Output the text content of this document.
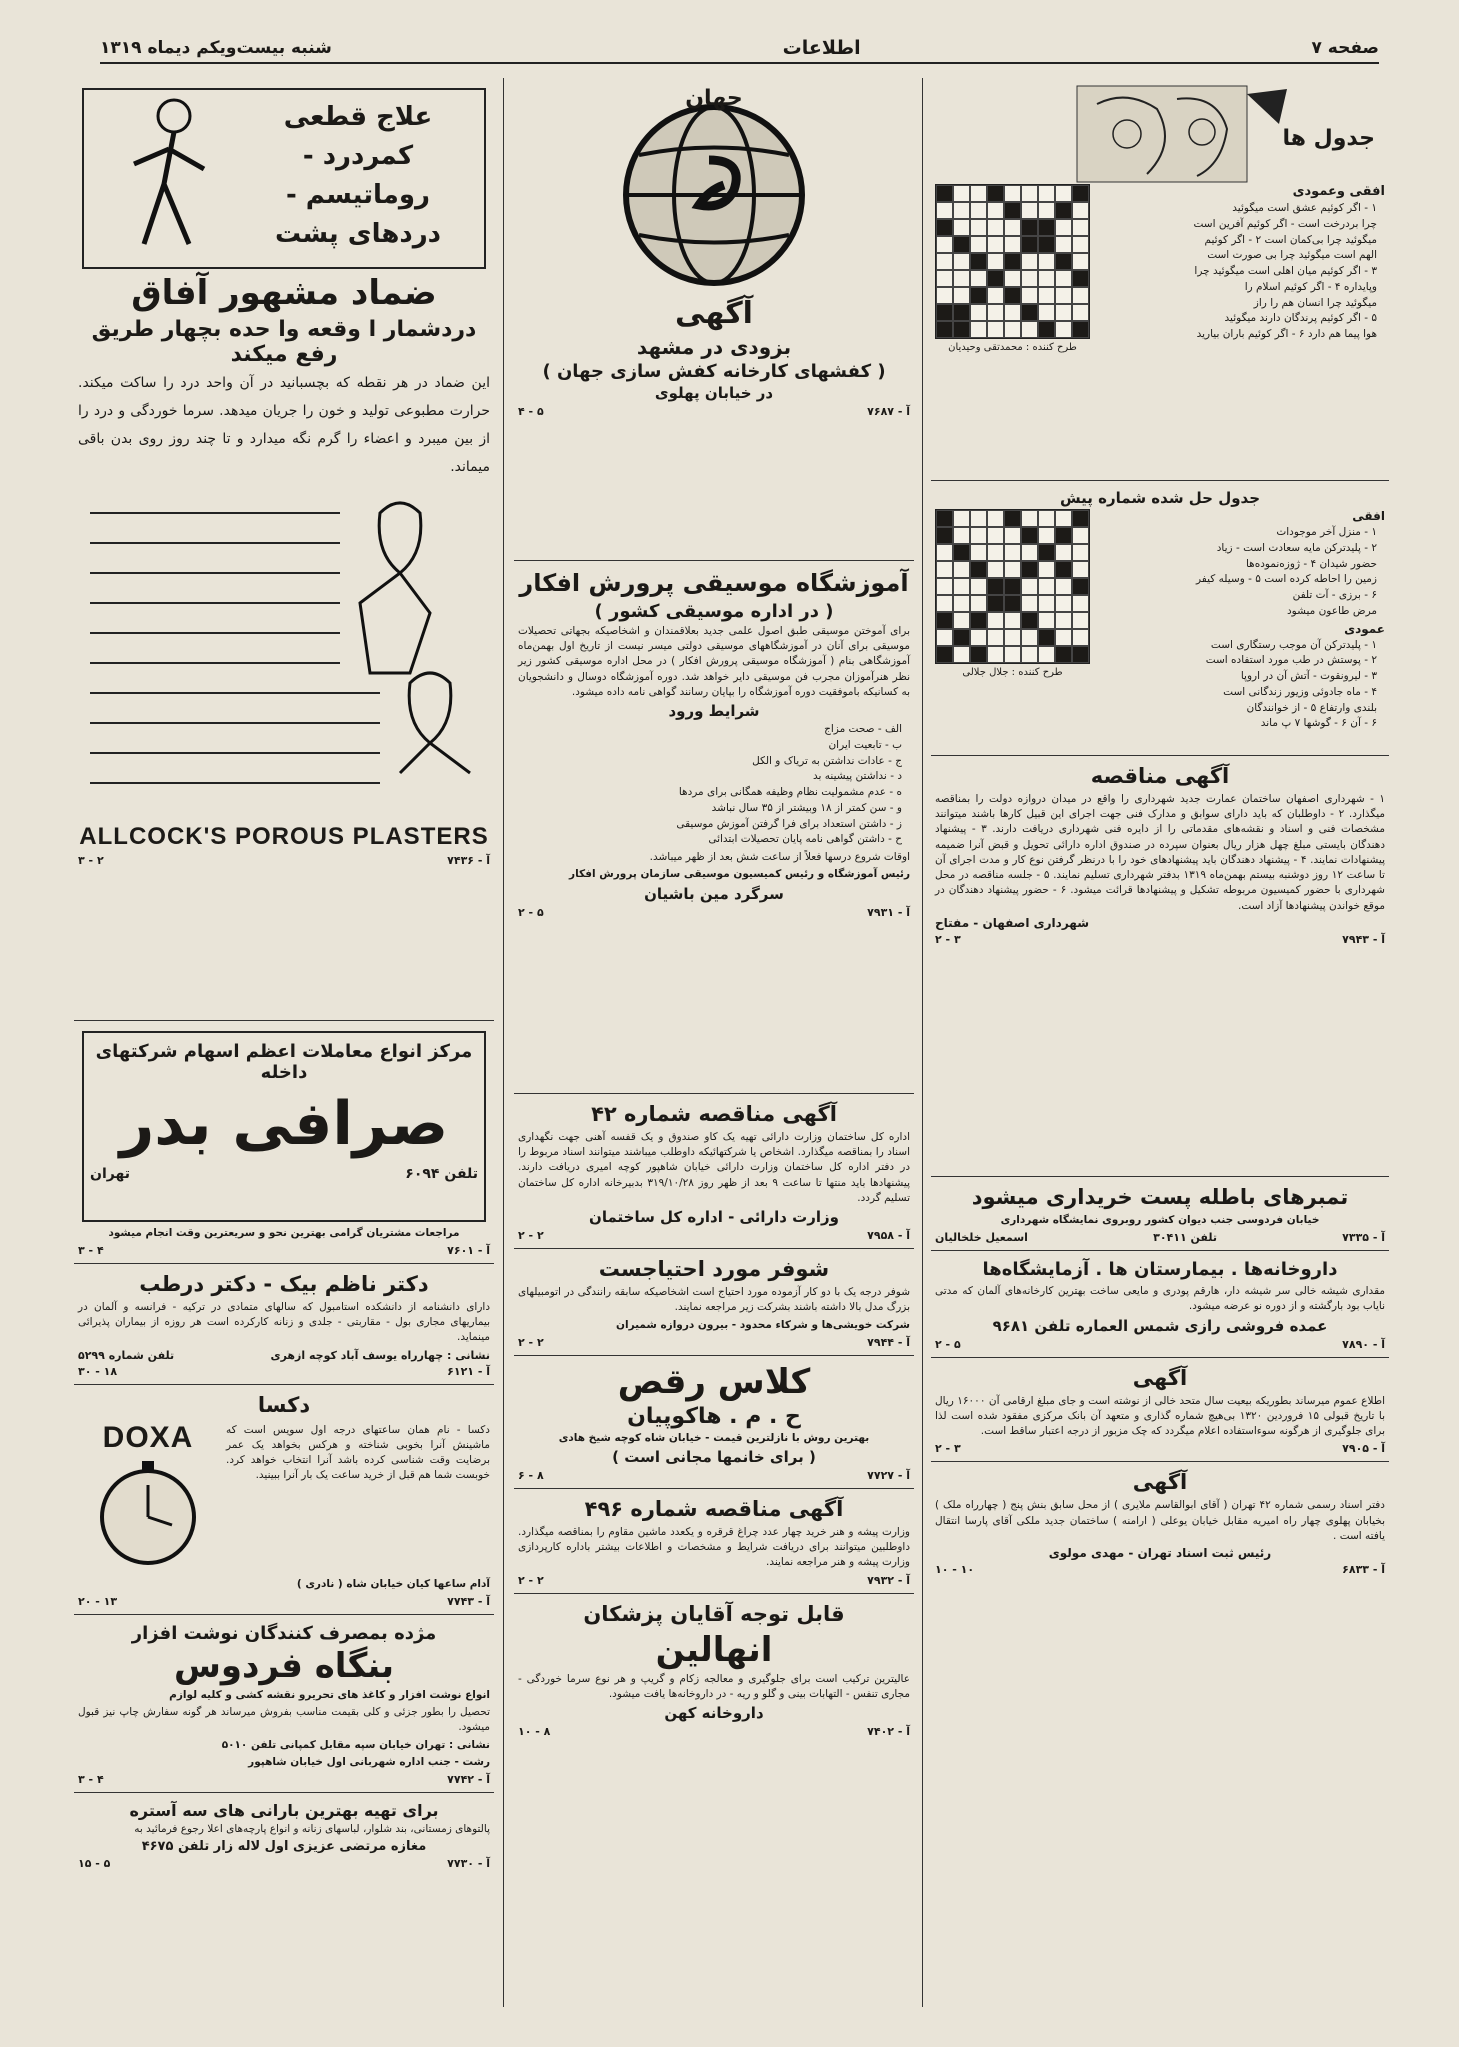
صفحه ۷
اطلاعات
شنبه بیست‌ویکم دیماه ۱۳۱۹
جدول ها
افقی وعمودی
۱ - اگر کوئیم عشق است میگوئید
چرا بردرخت است - اگر کوئیم آفرین است
میگوئید چرا بی‌کمان است ۲ - اگر کوئیم
الهم است میگوئید چرا بی صورت است
۳ - اگر کوئیم میان اهلی است میگوئید چرا
وپایداره ۴ - اگر کوئیم اسلام را
میگوئید چرا انسان هم را راز
۵ - اگر کوئیم پرندگان دارند میگوئید
هوا پیما هم دارد ۶ - اگر کوئیم باران بیارید
طرح کننده : محمدتقی وحیدیان
جدول حل شده شماره پیش
افقی
۱ - منزل آخر موجودات
۲ - پلیدترکن مایه سعادت است - زیاد
حضور شیدان ۴ - ژوزه‌نموده‌ها
زمین را احاطه کرده است ۵ - وسیله کیفر
۶ - برزی - آت تلفن
مرض طاعون میشود
عمودی
۱ - پلیدترکن آن موجب رستگاری است
۲ - پوستش در طب مورد استفاده است
۳ - لیرونقوت - آتش آن در اروپا
۴ - ماه جادوئی وزیور زندگانی است
بلندی وارتفاع ۵ - از خوانندگان
۶ - آن ۶ - گوشها ۷ پ ماند
طرح کننده : جلال جلالی
آگهی مناقصه
۱ - شهرداری اصفهان ساختمان عمارت جدید شهرداری را واقع در میدان دروازه دولت را بمناقصه میگذارد. ۲ - داوطلبان که باید دارای سوابق و مدارک فنی جهت اجرای این قبیل کارها باشند میتوانند مشخصات فنی و اسناد و نقشه‌های مقدماتی را از دایره فنی شهرداری دریافت دارند. ۳ - پیشنهاد دهندگان بایستی مبلغ چهل هزار ریال بعنوان سپرده در صندوق اداره دارائی تحویل و قبض آنرا ضمیمه پیشنهادات نمایند. ۴ - پیشنهاد دهندگان باید پیشنهادهای خود را با درنظر گرفتن نوع کار و مدت اجرای آن تا ساعت ۱۲ روز دوشنبه بیستم بهمن‌ماه ۱۳۱۹ بدفتر شهرداری تسلیم نمایند. ۵ - جلسه مناقصه در محل شهرداری با حضور کمیسیون مربوطه تشکیل و پیشنهادها قرائت میشود. ۶ - حضور پیشنهاد دهندگان در موقع خواندن پیشنهادها آزاد است.
شهرداری اصفهان - مفتاح
آ - ۷۹۴۳
۲ - ۳
تمبرهای باطله پست خریداری میشود
خیابان فردوسی جنب دیوان کشور روبروی نمایشگاه شهرداری
آ - ۷۳۳۵
تلفن ۳۰۴۱۱
اسمعیل خلخالیان
داروخانه‌ها . بیمارستان ها . آزمایشگاه‌ها
مقداری شیشه خالی سر شیشه دار، هارقم پودری و مایعی ساخت بهترین کارخانه‌های آلمان که مدتی نایاب بود بارگشته و از دوره نو عرضه میشود.
عمده فروشی رازی شمس العماره تلفن ۹۶۸۱
آ - ۷۸۹۰
۲ - ۵
آگهی
اطلاع عموم میرساند بطوریکه بیعیت سال متحد خالی از نوشته است و جای مبلغ ارقامی آن ۱۶۰۰۰ ریال با تاریخ قبولی ۱۵ فروردین ۱۳۲۰ بی‌هیچ شماره گذاری و متعهد آن بانک مرکزی مفقود شده است لذا برای جلوگیری از هرگونه سوءاستفاده اعلام میگردد که چک مزبور از درجه اعتبار ساقط است.
آ - ۷۹۰۵
۲ - ۳
آگهی
دفتر اسناد رسمی شماره ۴۲ تهران ( آقای ابوالقاسم ملایری ) از محل سابق بنش پنج ( چهارراه ملک ) بخیابان پهلوی چهار راه امیریه مقابل خیابان یوعلی ( ارامنه ) ساختمان جدید ملکی آقای پارسا انتقال یافته است .
رئیس ثبت اسناد تهران - مهدی مولوی
آ - ۶۸۳۳
۱۰ - ۱۰
جهان
آگهی
بزودی در مشهد
( کفشهای کارخانه کفش سازی جهان )
در خیابان پهلوی
آ - ۷۶۸۷
۴ - ۵
آموزشگاه موسیقی پرورش افکار
( در اداره موسیقی کشور )
برای آموختن موسیقی طبق اصول علمی جدید بعلاقمندان و اشخاصیکه بجهاتی تحصیلات موسیقی برای آنان در آموزشگاههای موسیقی دولتی میسر نیست از تاریخ اول بهمن‌ماه آموزشگاهی بنام ( آموزشگاه موسیقی پرورش افکار ) در محل اداره موسیقی کشور زیر نظر هنرآموزان مجرب فن موسیقی دایر خواهد شد. دوره آموزشگاه دوسال و دانشجویان به کسانیکه باموفقیت دوره آموزشگاه را بپایان رسانند گواهی نامه داده میشود.
شرایط ورود
الف - صحت مزاج
ب - تابعیت ایران
ج - عادات نداشتن به تریاک و الکل
د - نداشتن پیشینه بد
ه - عدم مشمولیت نظام وظیفه همگانی برای مردها
و - سن کمتر از ۱۸ وبیشتر از ۳۵ سال نباشد
ز - داشتن استعداد برای فرا گرفتن آموزش موسیقی
ح - داشتن گواهی نامه پایان تحصیلات ابتدائی
اوقات شروع درسها فعلاً از ساعت شش بعد از ظهر میباشد.
رئیس آموزشگاه و رئیس کمیسیون موسیقی سازمان پرورش افکار
سرگرد مین باشیان
آ - ۷۹۳۱
۲ - ۵
آگهی مناقصه شماره ۴۲
اداره کل ساختمان وزارت دارائی تهیه یک کاو صندوق و یک قفسه آهنی جهت نگهداری اسناد را بمناقصه میگذارد. اشخاص یا شرکتهائیکه داوطلب میباشند میتوانند اسناد مربوط را در دفتر اداره کل ساختمان وزارت دارائی خیابان شاهپور کوچه امیری دریافت دارند. پیشنهادها باید منتها تا ساعت ۹ بعد از ظهر روز ۳۱۹/۱۰/۲۸ بدبیرخانه اداره کل ساختمان تسلیم گردد.
وزارت دارائی - اداره کل ساختمان
آ - ۷۹۵۸
۲ - ۲
شوفر مورد احتیاجست
شوفر درجه یک با دو کار آزموده مورد احتیاج است اشخاصیکه سابقه رانندگی در اتومبیلهای بزرگ مدل بالا داشته باشند بشرکت زیر مراجعه نمایند.
شرکت خویشی‌ها و شرکاء محدود - بیرون دروازه شمیران
آ - ۷۹۴۴
۲ - ۲
کلاس رقص
ح . م . هاکوپیان
بهترین روش با نازلترین قیمت - خیابان شاه کوچه شیخ هادی
( برای خانمها مجانی است )
آ - ۷۷۲۷
۶ - ۸
آگهی مناقصه شماره ۴۹۶
وزارت پیشه و هنر خرید چهار عدد چراغ قرقره و یکعدد ماشین مقاوم را بمناقصه میگذارد. داوطلبین میتوانند برای دریافت شرایط و مشخصات و اطلاعات بیشتر باداره کارپردازی وزارت پیشه و هنر مراجعه نمایند.
آ - ۷۹۳۲
۲ - ۲
قابل توجه آقایان پزشکان
انهالین
عالیترین ترکیب است برای جلوگیری و معالجه زکام و گریپ و هر نوع سرما خوردگی - مجاری تنفس - التهابات بینی و گلو و ریه - در داروخانه‌ها یافت میشود.
داروخانه کهن
آ - ۷۴۰۲
۱۰ - ۸
علاج قطعی کمردرد - روماتیسم - دردهای پشت
ضماد مشهور آفاق
دردشمار ا وقعه وا حده بچهار طریق رفع میکند
این ضماد در هر نقطه که بچسبانید در آن واحد درد را ساکت میکند. حرارت مطبوعی تولید و خون را جریان میدهد. سرما خوردگی و درد را از بین میبرد و اعضاء را گرم نگه میدارد و تا چند روز روی بدن باقی میماند.
ALLCOCK'S POROUS PLASTERS
آ - ۷۴۳۶
۳ - ۲
مرکز انواع معاملات اعظم اسهام شرکتهای داخله
صرافی بدر
تلفن ۶۰۹۴
تهران
مراجعات مشتریان گرامی بهترین نحو و سریعترین وقت انجام میشود
آ - ۷۶۰۱
۳ - ۴
دکتر ناظم بیک - دکتر درطب
دارای دانشنامه از دانشکده استامبول که سالهای متمادی در ترکیه - فرانسه و آلمان در بیماریهای مجاری بول - مقاربتی - جلدی و زنانه کارکرده است هر روزه از بیماران پذیرائی مینماید.
نشانی : چهارراه یوسف آباد کوچه ازهری
تلفن شماره ۵۲۹۹
آ - ۶۱۲۱
۳۰ - ۱۸
دکسا
دکسا - نام همان ساعتهای درجه اول سویس است که ماشینش آنرا بخوبی شناخته و هرکس بخواهد یک عمر برضایت وقت شناسی کرده باشد آنرا انتخاب خواهد کرد. خوبست شما هم قبل از خرید ساعت یک بار آنرا ببینید.
DOXA
آدام ساعها کیان خیابان شاه ( نادری )
آ - ۷۷۴۳
۲۰ - ۱۳
مژده بمصرف کنندگان نوشت افزار
بنگاه فردوس
انواع نوشت افزار و کاغذ های تحریرو نقشه کشی و کلیه لوازم
تحصیل را بطور جزئی و کلی بقیمت مناسب بفروش میرساند هر گونه سفارش چاپ نیز قبول میشود.
نشانی : تهران خیابان سپه مقابل کمپانی تلفن ۵۰۱۰
رشت - جنب اداره شهربانی اول خیابان شاهپور
آ - ۷۷۴۲
۳ - ۴
برای تهیه بهترین بارانی های سه آستره
پالتوهای زمستانی، بند شلوار، لباسهای زنانه و انواع پارچه‌های اعلا رجوع فرمائید به
مغازه مرتضی عزیزی اول لاله زار تلفن ۴۶۷۵
آ - ۷۷۳۰
۱۵ - ۵
